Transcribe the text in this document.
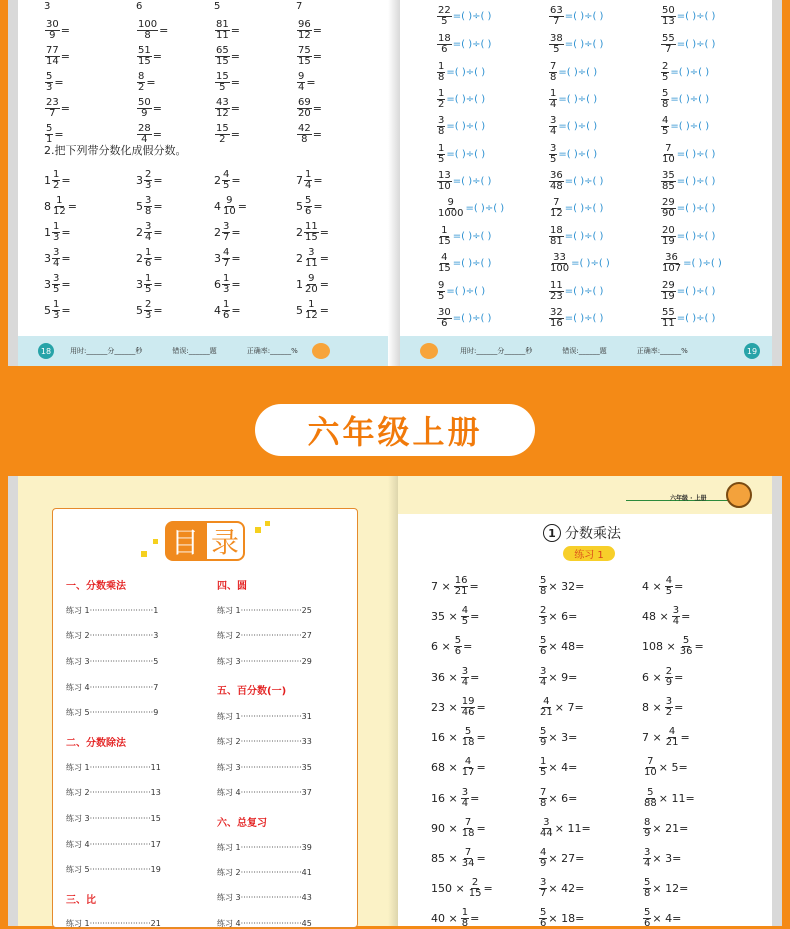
3	6	5	7
$\frac{30}{9}$ =	$\frac{100}{8}$ =	$\frac{81}{11}$ =	$\frac{96}{12}$ =
$\frac{77}{14}$ =	$\frac{51}{15}$ =	$\frac{65}{15}$ =	$\frac{75}{15}$ =
$\frac{5}{3}$ =	$\frac{8}{2}$ =	$\frac{15}{5}$ =	$\frac{9}{4}$ =
$\frac{23}{7}$ =	$\frac{50}{9}$ =	$\frac{43}{12}$ =	$\frac{69}{20}$ =
$\frac{5}{1}$ =	$\frac{28}{4}$ =	$\frac{15}{2}$ =	$\frac{42}{8}$ =
2.把下列带分数化成假分数。
$1 \frac{1}{2}$ =	$3 \frac{2}{3}$ =	$2 \frac{4}{5}$ =	$7 \frac{1}{4}$ =
$8 \frac{1}{12}$ =	$5 \frac{3}{8}$ =	$4 \frac{9}{10}$ =	$5 \frac{5}{6}$ =
$1 \frac{1}{3}$ =	$2 \frac{3}{4}$ =	$2 \frac{3}{7}$ =	$2 \frac{11}{15}$ =
$3 \frac{3}{4}$ =	$2 \frac{1}{6}$ =	$3 \frac{4}{7}$ =	$2 \frac{3}{11}$ =
$3 \frac{3}{5}$ =	$3 \frac{1}{5}$ =	$6 \frac{1}{3}$ =	$1 \frac{9}{20}$ =
$5 \frac{1}{3}$ =	$5 \frac{2}{3}$ =	$4 \frac{1}{6}$ =	$5 \frac{1}{12}$ =
18	用时:______分______秒	错误:______题	正确率:______%
$\frac{22}{5}$ =( )÷( )	$\frac{63}{7}$ =( )÷( )	$\frac{50}{13}$ =( )÷( )
$\frac{18}{6}$ =( )÷( )	$\frac{38}{5}$ =( )÷( )	$\frac{55}{7}$ =( )÷( )
$\frac{1}{8}$ =( )÷( )	$\frac{7}{8}$ =( )÷( )	$\frac{2}{5}$ =( )÷( )
$\frac{1}{2}$ =( )÷( )	$\frac{1}{4}$ =( )÷( )	$\frac{5}{8}$ =( )÷( )
$\frac{3}{8}$ =( )÷( )	$\frac{3}{4}$ =( )÷( )	$\frac{4}{5}$ =( )÷( )
$\frac{1}{5}$ =( )÷( )	$\frac{3}{5}$ =( )÷( )	$\frac{7}{10}$ =( )÷( )
$\frac{13}{10}$ =( )÷( )	$\frac{36}{48}$ =( )÷( )	$\frac{35}{85}$ =( )÷( )
$\frac{9}{1000}$ =( )÷( )	$\frac{7}{12}$ =( )÷( )	$\frac{29}{90}$ =( )÷( )
$\frac{1}{15}$ =( )÷( )	$\frac{18}{81}$ =( )÷( )	$\frac{20}{19}$ =( )÷( )
$\frac{4}{15}$ =( )÷( )	$\frac{33}{100}$ =( )÷( )	$\frac{36}{107}$ =( )÷( )
$\frac{9}{5}$ =( )÷( )	$\frac{11}{23}$ =( )÷( )	$\frac{29}{19}$ =( )÷( )
$\frac{30}{6}$ =( )÷( )	$\frac{32}{16}$ =( )÷( )	$\frac{55}{11}$ =( )÷( )
用时:______分______秒	错误:______题	正确率:______%	19
六年级上册
六年级 · 上册
目 录
一、分数乘法
练习 1·························1
练习 2·························3
练习 3·························5
练习 4·························7
练习 5·························9
二、分数除法
练习 1························11
练习 2························13
练习 3························15
练习 4························17
练习 5························19
三、比
练习 1························21
四、圆
练习 1························25
练习 2························27
练习 3························29
五、百分数(一)
练习 1························31
练习 2························33
练习 3························35
练习 4························37
六、总复习
练习 1························39
练习 2························41
练习 3························43
练习 4························45
1 分数乘法
练习 1
$7 \times \frac{16}{21}$ =	$\frac{5}{8} \times 32=$	$4 \times \frac{4}{5}$ =
$35 \times \frac{4}{5}$ =	$\frac{2}{3} \times 6=$	$48 \times \frac{3}{4}$ =
$6 \times \frac{5}{6}$ =	$\frac{5}{6} \times 48=$	$108 \times \frac{5}{36}$ =
$36 \times \frac{3}{4}$ =	$\frac{3}{4} \times 9=$	$6 \times \frac{2}{9}$ =
$23 \times \frac{19}{46}$ =	$\frac{4}{21} \times 7=$	$8 \times \frac{3}{2}$ =
$16 \times \frac{5}{18}$ =	$\frac{5}{9} \times 3=$	$7 \times \frac{4}{21}$ =
$68 \times \frac{4}{17}$ =	$\frac{1}{5} \times 4=$	$\frac{7}{10} \times 5=$
$16 \times \frac{3}{4}$ =	$\frac{7}{8} \times 6=$	$\frac{5}{88} \times 11=$
$90 \times \frac{7}{18}$ =	$\frac{3}{44} \times 11=$	$\frac{8}{9} \times 21=$
$85 \times \frac{7}{34}$ =	$\frac{4}{9} \times 27=$	$\frac{3}{4} \times 3=$
$150 \times \frac{2}{15}$ =	$\frac{3}{7} \times 42=$	$\frac{5}{8} \times 12=$
$40 \times \frac{1}{8}$ =	$\frac{5}{6} \times 18=$	$\frac{5}{6} \times 4=$
